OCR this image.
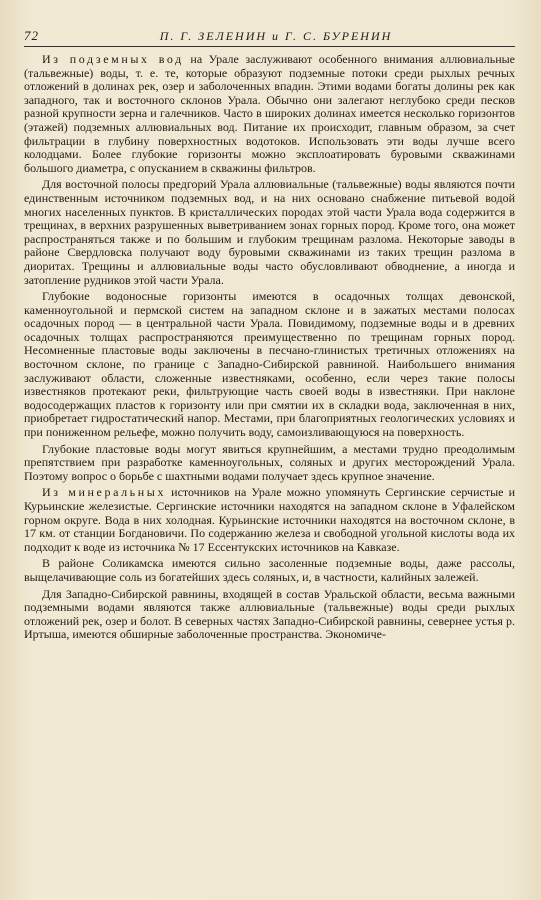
72	П. Г. ЗЕЛЕНИН и Г. С. БУРЕНИН

Из подземных вод на Урале заслуживают особенного внимания аллювиальные (тальвежные) воды, т. е. те, которые образуют подземные потоки среди рыхлых речных отложений в долинах рек, озер и заболоченных впадин. Этими водами богаты долины рек как западного, так и восточного склонов Урала. Обычно они залегают неглубоко среди песков разной крупности зерна и галечников. Часто в широких долинах имеется несколько горизонтов (этажей) подземных аллювиальных вод. Питание их происходит, главным образом, за счет фильтрации в глубину поверхностных водотоков. Использовать эти воды лучше всего колодцами. Более глубокие горизонты можно эксплоатировать буровыми скважинами большого диаметра, с опусканием в скважины фильтров.

Для восточной полосы предгорий Урала аллювиальные (тальвежные) воды являются почти единственным источником подземных вод, и на них основано снабжение питьевой водой многих населенных пунктов. В кристаллических породах этой части Урала вода содержится в трещинах, в верхних разрушенных выветриванием зонах горных пород. Кроме того, она может распространяться также и по большим и глубоким трещинам разлома. Некоторые заводы в районе Свердловска получают воду буровыми скважинами из таких трещин разлома в диоритах. Трещины и аллювиальные воды часто обусловливают обводнение, а иногда и затопление рудников этой части Урала.

Глубокие водоносные горизонты имеются в осадочных толщах девонской, каменноугольной и пермской систем на западном склоне и в зажатых местами полосах осадочных пород — в центральной части Урала. Повидимому, подземные воды и в древних осадочных толщах распространяются преимущественно по трещинам горных пород. Несомненные пластовые воды заключены в песчано-глинистых третичных отложениях на восточном склоне, по границе с Западно-Сибирской равниной. Наибольшего внимания заслуживают области, сложенные известняками, особенно, если через такие полосы известняков протекают реки, фильтрующие часть своей воды в известняки. При наклоне водосодержащих пластов к горизонту или при смятии их в складки вода, заключенная в них, приобретает гидростатический напор. Местами, при благоприятных геологических условиях и при пониженном рельефе, можно получить воду, самоизливающуюся на поверхность.

Глубокие пластовые воды могут явиться крупнейшим, а местами трудно преодолимым препятствием при разработке каменноугольных, соляных и других месторождений Урала. Поэтому вопрос о борьбе с шахтными водами получает здесь крупное значение.

Из минеральных источников на Урале можно упомянуть Сергинские серчистые и Курьинские железистые. Сергинские источники находятся на западном склоне в Уфалейском горном округе. Вода в них холодная. Курьинские источники находятся на восточном склоне, в 17 км. от станции Богдановичи. По содержанию железа и свободной угольной кислоты вода их подходит к воде из источника № 17 Ессентукских источников на Кавказе.

В районе Соликамска имеются сильно засоленные подземные воды, даже рассолы, выщелачивающие соль из богатейших здесь соляных, и, в частности, калийных залежей.

Для Западно-Сибирской равнины, входящей в состав Уральской области, весьма важными подземными водами являются также аллювиальные (тальвежные) воды среди рыхлых отложений рек, озер и болот. В северных частях Западно-Сибирской равнины, севернее устья р. Иртыша, имеются обширные заболоченные пространства. Экономиче-
